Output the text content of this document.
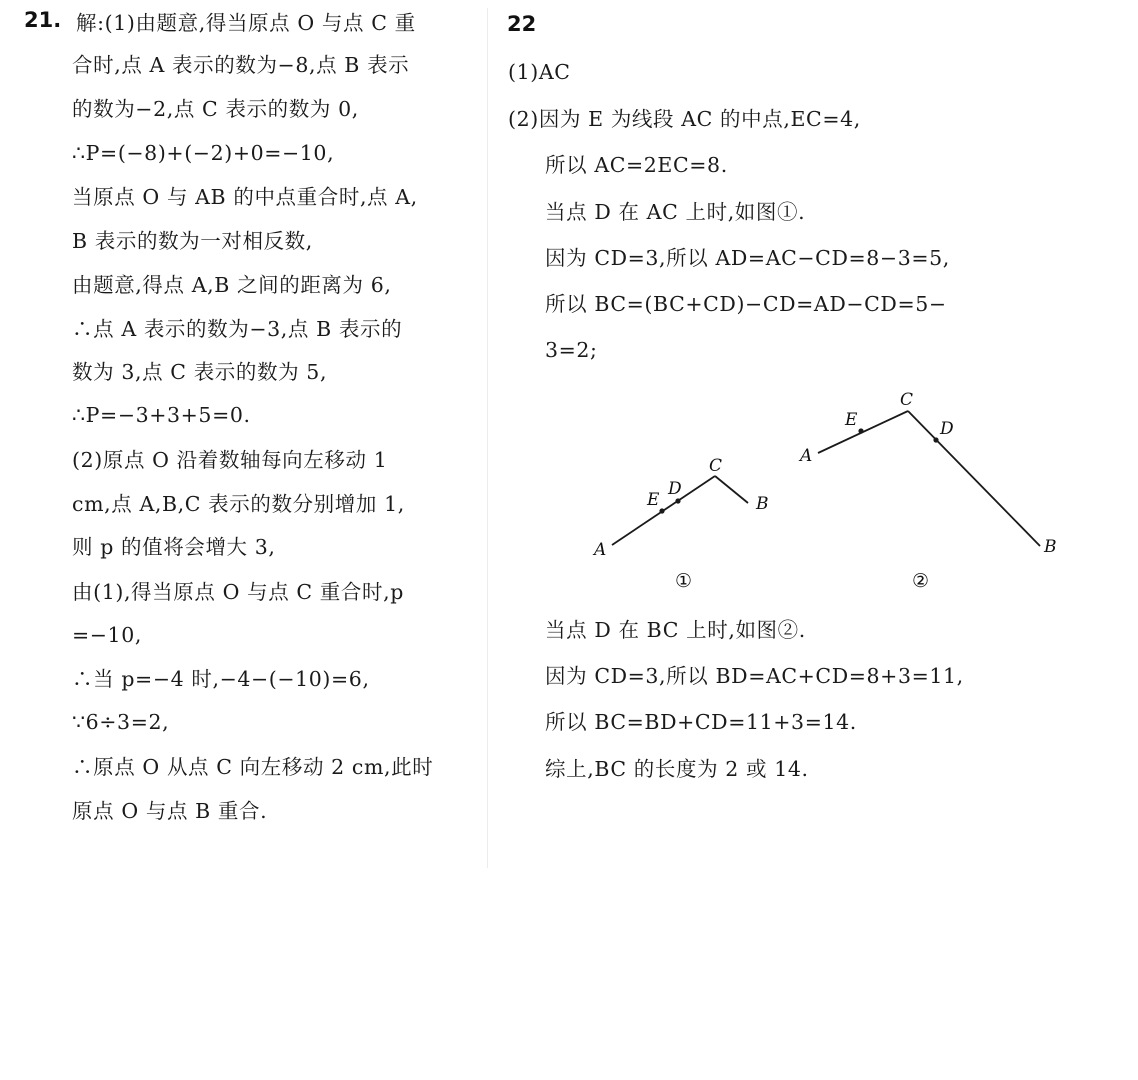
21. 解:(1)由题意,得当原点 O 与点 C 重
合时,点 A 表示的数为−8,点 B 表示
的数为−2,点 C 表示的数为 0,
∴P=(−8)+(−2)+0=−10,
当原点 O 与 AB 的中点重合时,点 A,
B 表示的数为一对相反数,
由题意,得点 A,B 之间的距离为 6,
∴点 A 表示的数为−3,点 B 表示的
数为 3,点 C 表示的数为 5,
∴P=−3+3+5=0.
(2)原点 O 沿着数轴每向左移动 1
cm,点 A,B,C 表示的数分别增加 1,
则 p 的值将会增大 3,
由(1),得当原点 O 与点 C 重合时,p
=−10,
∴当 p=−4 时,−4−(−10)=6,
∵6÷3=2,
∴原点 O 从点 C 向左移动 2 cm,此时
原点 O 与点 B 重合.
22
(1)AC
(2)因为 E 为线段 AC 的中点,EC=4,
所以 AC=2EC=8.
当点 D 在 AC 上时,如图①.
因为 CD=3,所以 AD=AC−CD=8−3=5,
所以 BC=(BC+CD)−CD=AD−CD=5−
3=2;
A
E
D
C
B
①
A
E
C
D
B
②
当点 D 在 BC 上时,如图②.
因为 CD=3,所以 BD=AC+CD=8+3=11,
所以 BC=BD+CD=11+3=14.
综上,BC 的长度为 2 或 14.
